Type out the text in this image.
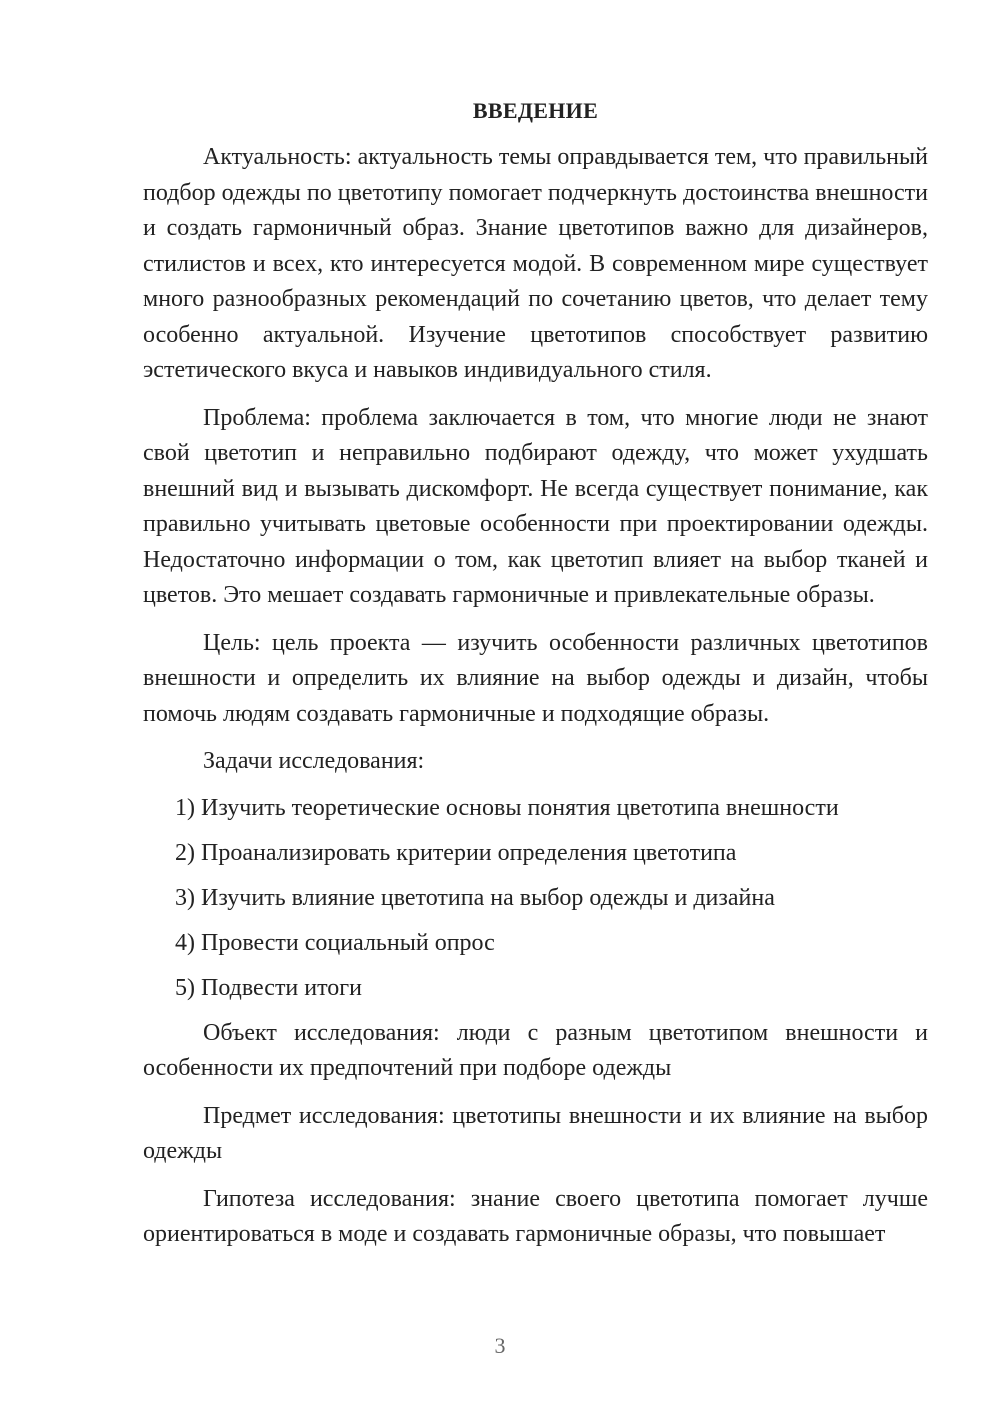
ВВЕДЕНИЕ

Актуальность: актуальность темы оправдывается тем, что правильный подбор одежды по цветотипу помогает подчеркнуть достоинства внешности и создать гармоничный образ. Знание цветотипов важно для дизайнеров, стилистов и всех, кто интересуется модой. В современном мире существует много разнообразных рекомендаций по сочетанию цветов, что делает тему особенно актуальной. Изучение цветотипов способствует развитию эстетического вкуса и навыков индивидуального стиля.

Проблема: проблема заключается в том, что многие люди не знают свой цветотип и неправильно подбирают одежду, что может ухудшать внешний вид и вызывать дискомфорт. Не всегда существует понимание, как правильно учитывать цветовые особенности при проектировании одежды. Недостаточно информации о том, как цветотип влияет на выбор тканей и цветов. Это мешает создавать гармоничные и привлекательные образы.

Цель: цель проекта — изучить особенности различных цветотипов внешности и определить их влияние на выбор одежды и дизайн, чтобы помочь людям создавать гармоничные и подходящие образы.

Задачи исследования:

1) Изучить теоретические основы понятия цветотипа внешности
2) Проанализировать критерии определения цветотипа
3) Изучить влияние цветотипа на выбор одежды и дизайна
4) Провести социальный опрос
5) Подвести итоги

Объект исследования: люди с разным цветотипом внешности и особенности их предпочтений при подборе одежды

Предмет исследования: цветотипы внешности и их влияние на выбор одежды

Гипотеза исследования: знание своего цветотипа помогает лучше ориентироваться в моде и создавать гармоничные образы, что повышает

3
